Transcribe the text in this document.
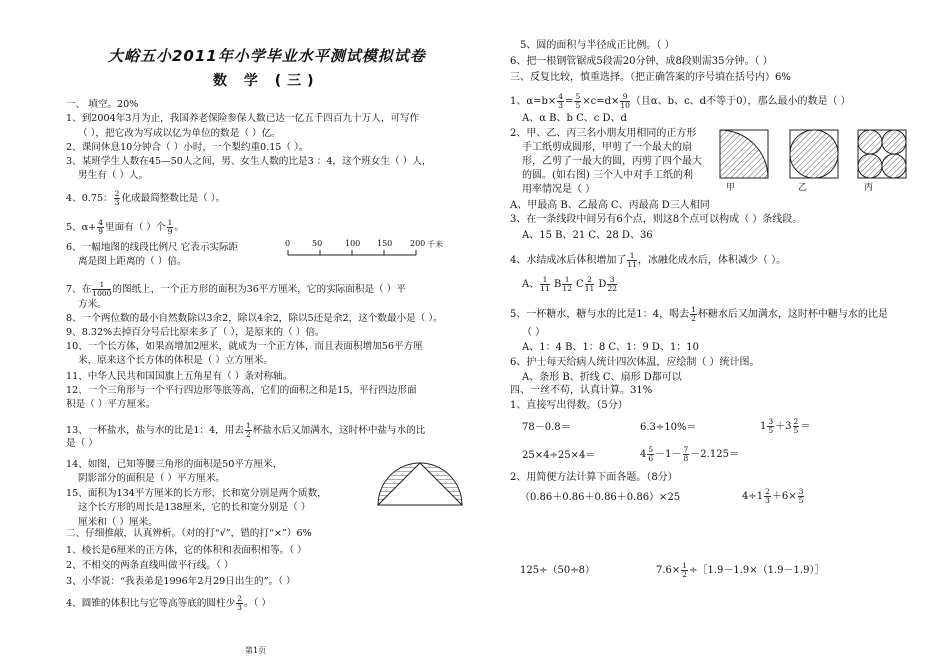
大峪五小2011年小学毕业水平测试模拟试卷
数 学 (三)
一、 填空。20%
1、到2004年3月为止，我国养老保险参保人数已达一亿五千四百九十万人，可写作
（ ），把它改为写成以亿为单位的数是（ ）亿。
2、课间休息10分钟合（ ）小时，一个梨约重0.15（ ）。
3、某班学生人数在45—50人之间，男、女生人数的比是3 ：4，这个班女生（ ）人，
男生有（ ）人。
4、0.75： $\frac{2}{3}$ 化成最简整数比是（ ）。
5、$\alpha+ \frac{4}{9}$ 里面有（ ）个 $\frac{1}{9}$ 。
6、一幅地图的线段比例尺 它表示实际距
离是图上距离的（ ）倍。
7、在 $\frac{1}{1000}$ 的图纸上，一个正方形的面积为36平方厘米，它的实际面积是（ ）平
方米。
8、一个两位数的最小自然数除以3余2，除以4余2，除以5还是余2，这个数最小是（ ）。
9、8.32%去掉百分号后比原来多了（ ），是原来的（ ）倍。
10、一个长方体，如果高增加2厘米，就成为一个正方体，而且表面积增加56平方厘
米，原来这个长方体的体积是（ ）立方厘米。
11、中华人民共和国国旗上五角星有（ ）条对称轴。
12、一个三角形与一个平行四边形等底等高，它们的面积之和是15，平行四边形面
积是（ ）平方厘米。
13、一杯盐水，盐与水的比是1：4，用去 $\frac{1}{2}$ 杯盐水后又加满水，这时杯中盐与水的比
是（ ）
14、如图，已知等腰三角形的面积是50平方厘米，
阴影部分的面积是（ ）平方厘米。
15、面积为134平方厘米的长方形，长和宽分别是两个质数，
二、仔细推敲，认真辨析。（对的打“√”，错的打“×”）6%
1、棱长是6厘米的正方体，它的体积和表面积相等。（ ）
2、不相交的两条直线叫做平行线。（ ）
3、小华说：“我表弟是1996年2月29日出生的”。（ ）
4、圆锥的体积比与它等高等底的圆柱少 $\frac{2}{3}$ 。（ ）
这个长方形的周长是138厘米，它的长和宽分别是（ ）
厘米和（ ）厘米。
5、圆的面积与半径成正比例。（ ）
6、把一根钢管锯成5段需20分钟，成8段则需35分钟。（ ）
三、反复比较，慎重选择。（把正确答案的序号填在括号内）6%
1、$\alpha=b\times \frac{4}{3} = \frac{5}{5} \times c=d\times \frac{9}{10}$ （且α、b、c、d不等于0），那么最小的数是（ ）
A、α B、b C、c D、d
2、甲、乙、丙三名小朋友用相同的正方形
手工纸剪成圆形，甲剪了一个最大的扇
形，乙剪了一最大的圆，丙剪了四个最大
的圆。(如右图) 三个人中对手工纸的利
用率情况是（ ）
A、甲最高 B、乙最高 C、丙最高 D三人相同
3、在一条线段中间另有6个点，则这8个点可以构成（ ）条线段。
A、15 B、21 C、28 D、36
4、水结成冰后体积增加了 $\frac{1}{11}$ ，冰融化成水后，体积减少（ ）。
A、 $\frac{1}{11}$ B $\frac{1}{12}$ C $\frac{2}{11}$ D $\frac{3}{22}$
5、一杯糖水，糖与水的比是1：4，喝去 $\frac{1}{2}$ 杯糖水后又加满水，这时杯中糖与水的比是
（ ）
A、1：4 B、1：8 C、1：9 D、1：10
6、护士每天给病人统计四次体温，应绘制（ ）统计图。
A、条形 B、折线 C、扇形 D都可以
四、一丝不苟，认真计算。31%
1、直接写出得数。（5分）
78－0.8＝	6.3÷10%＝	$1 \frac{3}{5} +3 \frac{2}{5}$ ＝
25×4÷25×4＝	$4 \frac{5}{6} -1- \frac{7}{8} -2.125=$
2、用简便方法计算下面各题。（8分）
（0.86＋0.86＋0.86＋0.86）×25	$4\div 1 \frac{2}{3} +6\times \frac{3}{5}$
125÷（50÷8）	$7.6\times \frac{1}{2}$ ÷［1.9－1.9×（1.9－1.9）］
0	50	100 150 200 千米
甲	乙	丙
第1页
